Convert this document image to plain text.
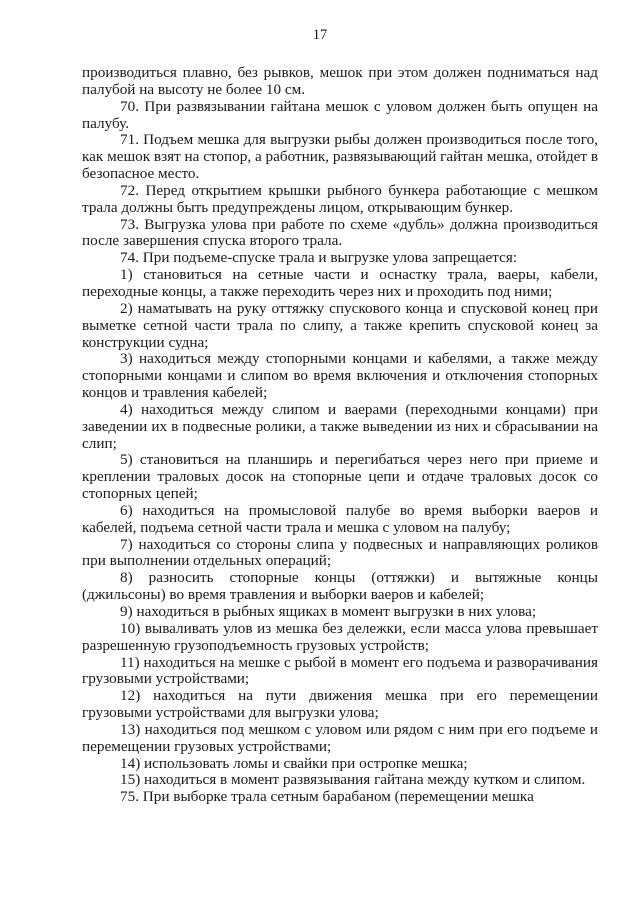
17

производиться плавно, без рывков, мешок при этом должен подниматься над палубой на высоту не более 10 см.

70. При развязывании гайтана мешок с уловом должен быть опущен на палубу.

71. Подъем мешка для выгрузки рыбы должен производиться после того, как мешок взят на стопор, а работник, развязывающий гайтан мешка, отойдет в безопасное место.

72. Перед открытием крышки рыбного бункера работающие с мешком трала должны быть предупреждены лицом, открывающим бункер.

73. Выгрузка улова при работе по схеме «дубль» должна производиться после завершения спуска второго трала.

74. При подъеме-спуске трала и выгрузке улова запрещается:

1) становиться на сетные части и оснастку трала, ваеры, кабели, переходные концы, а также переходить через них и проходить под ними;

2) наматывать на руку оттяжку спускового конца и спусковой конец при выметке сетной части трала по слипу, а также крепить спусковой конец за конструкции судна;

3) находиться между стопорными концами и кабелями, а также между стопорными концами и слипом во время включения и отключения стопорных концов и травления кабелей;

4) находиться между слипом и ваерами (переходными концами) при заведении их в подвесные ролики, а также выведении из них и сбрасывании на слип;

5) становиться на планширь и перегибаться через него при приеме и креплении траловых досок на стопорные цепи и отдаче траловых досок со стопорных цепей;

6) находиться на промысловой палубе во время выборки ваеров и кабелей, подъема сетной части трала и мешка с уловом на палубу;

7) находиться со стороны слипа у подвесных и направляющих роликов при выполнении отдельных операций;

8) разносить стопорные концы (оттяжки) и вытяжные концы (джильсоны) во время травления и выборки ваеров и кабелей;

9) находиться в рыбных ящиках в момент выгрузки в них улова;

10) вываливать улов из мешка без дележки, если масса улова превышает разрешенную грузоподъемность грузовых устройств;

11) находиться на мешке с рыбой в момент его подъема и разворачивания грузовыми устройствами;

12) находиться на пути движения мешка при его перемещении грузовыми устройствами для выгрузки улова;

13) находиться под мешком с уловом или рядом с ним при его подъеме и перемещении грузовых устройствами;

14) использовать ломы и свайки при остропке мешка;

15) находиться в момент развязывания гайтана между кутком и слипом.

75. При выборке трала сетным барабаном (перемещении мешка
